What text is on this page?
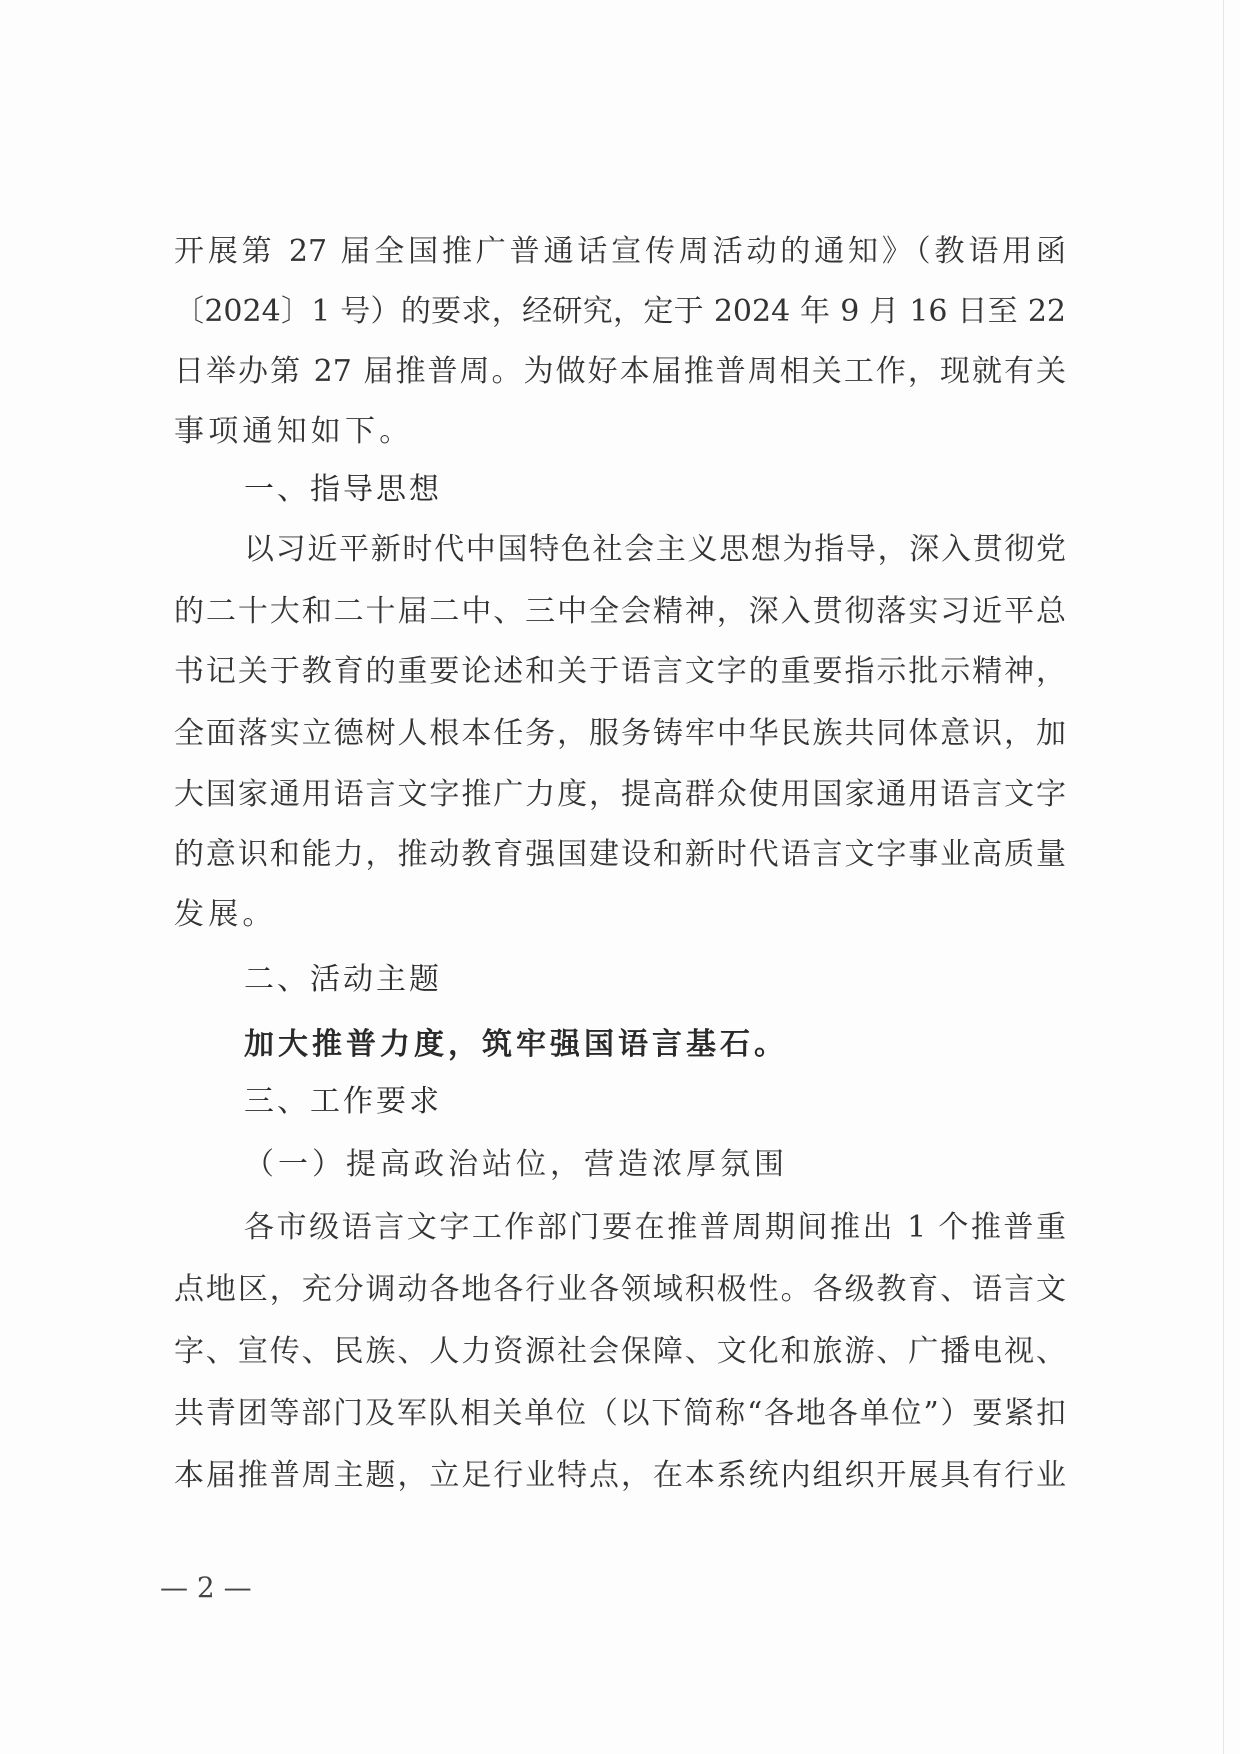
开展第 27 届全国推广普通话宣传周活动的通知》（教语用函
〔2024〕1 号）的要求，经研究，定于 2024 年 9 月 16 日至 22
日举办第 27 届推普周。为做好本届推普周相关工作，现就有关
事项通知如下。
一、指导思想
以习近平新时代中国特色社会主义思想为指导，深入贯彻党
的二十大和二十届二中、三中全会精神，深入贯彻落实习近平总
书记关于教育的重要论述和关于语言文字的重要指示批示精神，
全面落实立德树人根本任务，服务铸牢中华民族共同体意识，加
大国家通用语言文字推广力度，提高群众使用国家通用语言文字
的意识和能力，推动教育强国建设和新时代语言文字事业高质量
发展。
二、活动主题
加大推普力度，筑牢强国语言基石。
三、工作要求
（一）提高政治站位，营造浓厚氛围
各市级语言文字工作部门要在推普周期间推出 1 个推普重
点地区，充分调动各地各行业各领域积极性。各级教育、语言文
字、宣传、民族、人力资源社会保障、文化和旅游、广播电视、
共青团等部门及军队相关单位（以下简称“各地各单位”）要紧扣
本届推普周主题，立足行业特点，在本系统内组织开展具有行业
— 2 —
